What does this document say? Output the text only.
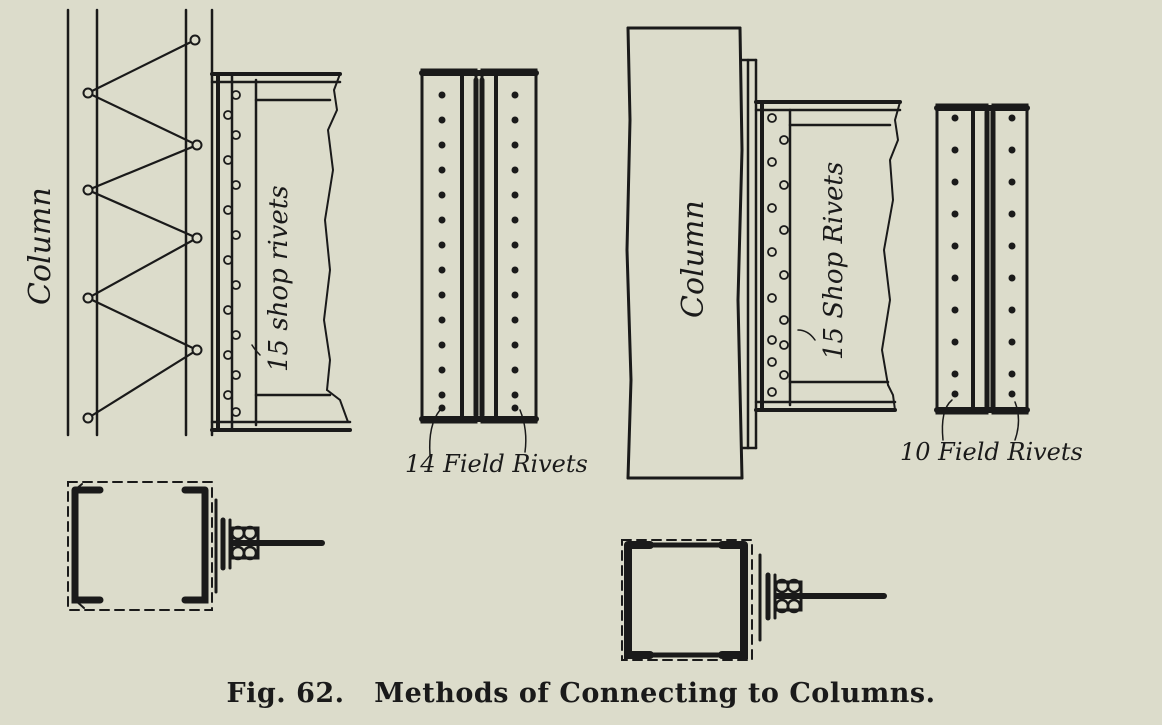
Column	15 shop rivets
14 Field Rivets
Column	15 Shop Rivets
10 Field Rivets
Fig. 62.   Methods of Connecting to Columns.
